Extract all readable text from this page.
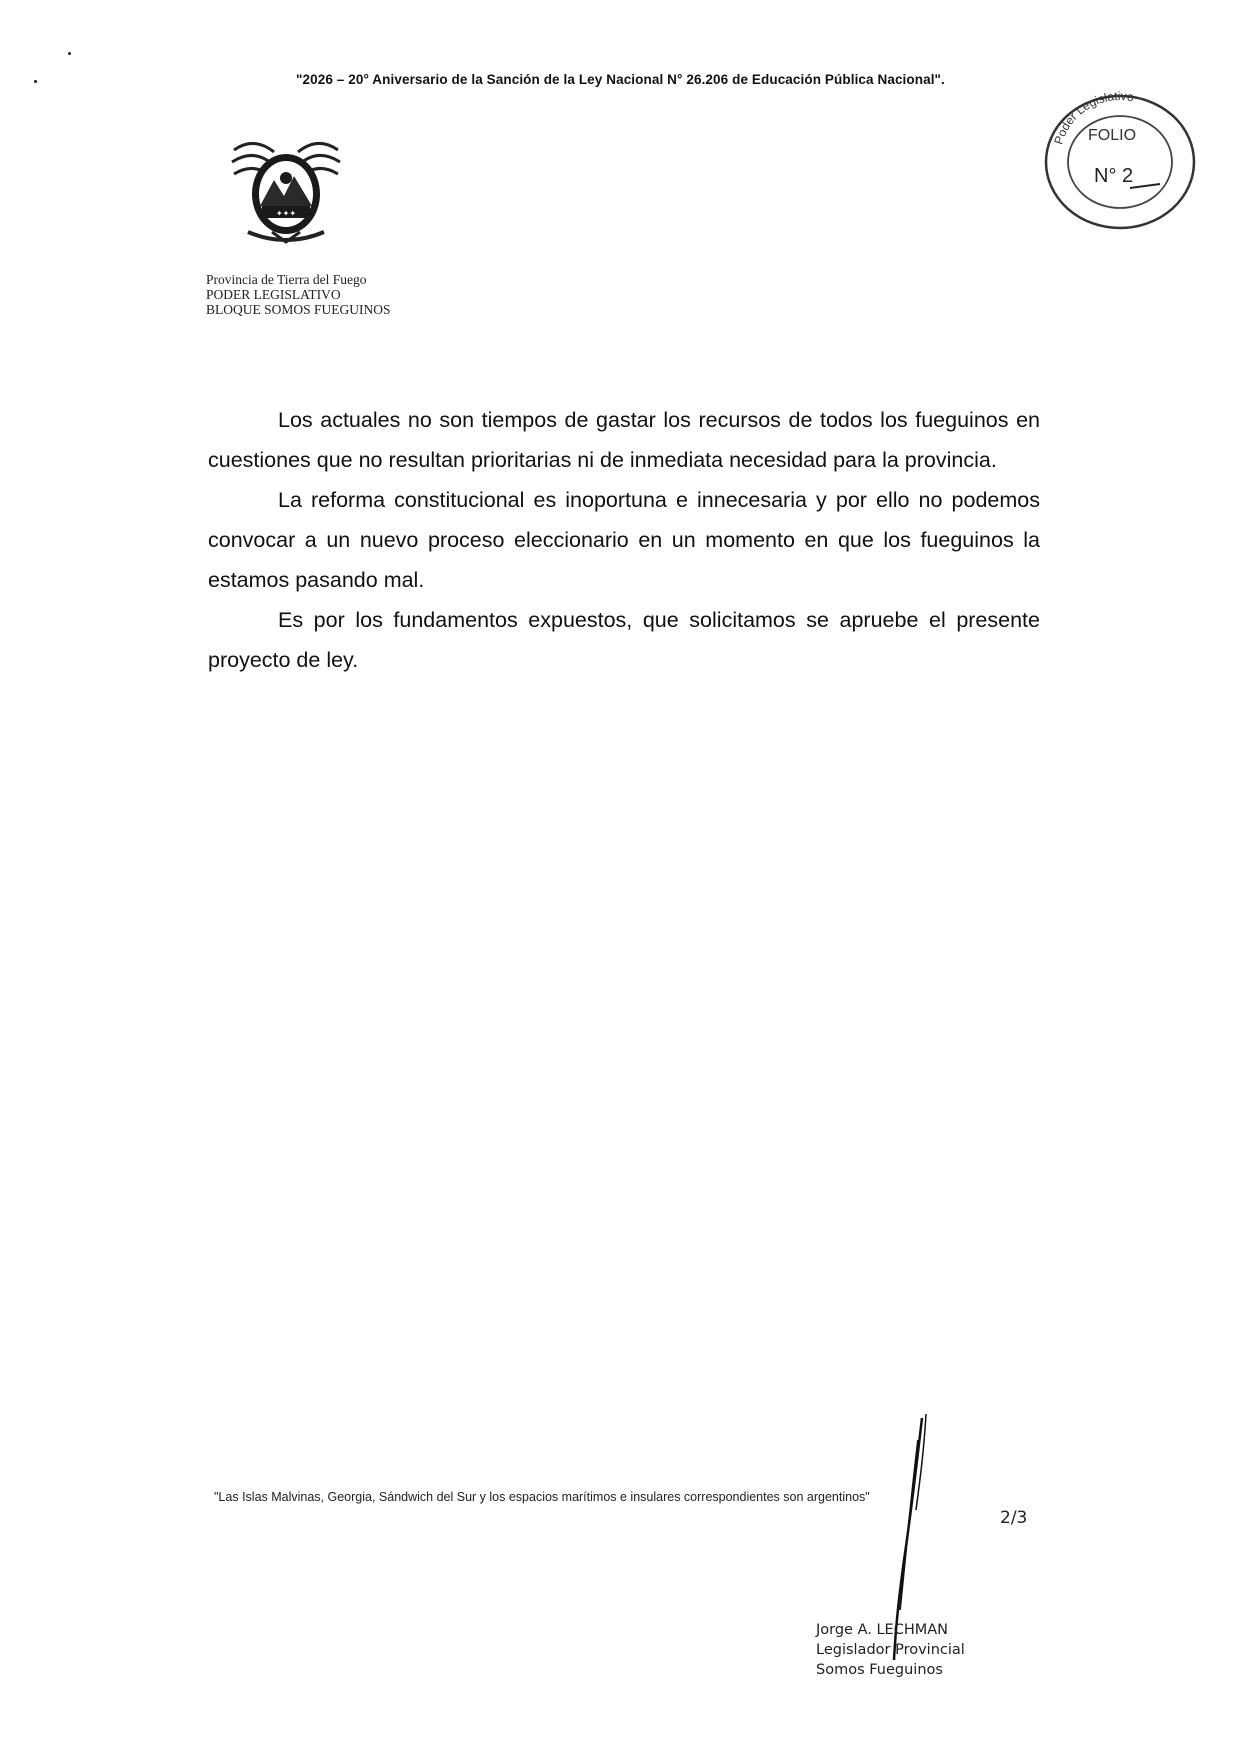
"2026 – 20° Aniversario de la Sanción de la Ley Nacional N° 26.206 de Educación Pública Nacional".
✦✦✦
Poder Legislativo
FOLIO
N° 2
Provincia de Tierra del Fuego
PODER LEGISLATIVO
BLOQUE SOMOS FUEGUINOS

Los actuales no son tiempos de gastar los recursos de todos los fueguinos en cuestiones que no resultan prioritarias ni de inmediata necesidad para la provincia.

La reforma constitucional es inoportuna e innecesaria y por ello no podemos convocar a un nuevo proceso eleccionario en un momento en que los fueguinos la estamos pasando mal.

Es por los fundamentos expuestos, que solicitamos se apruebe el presente proyecto de ley.

"Las Islas Malvinas, Georgia, Sándwich del Sur y los espacios marítimos e insulares correspondientes son argentinos"
2/3
Jorge A. LECHMAN
Legislador Provincial
Somos Fueguinos
